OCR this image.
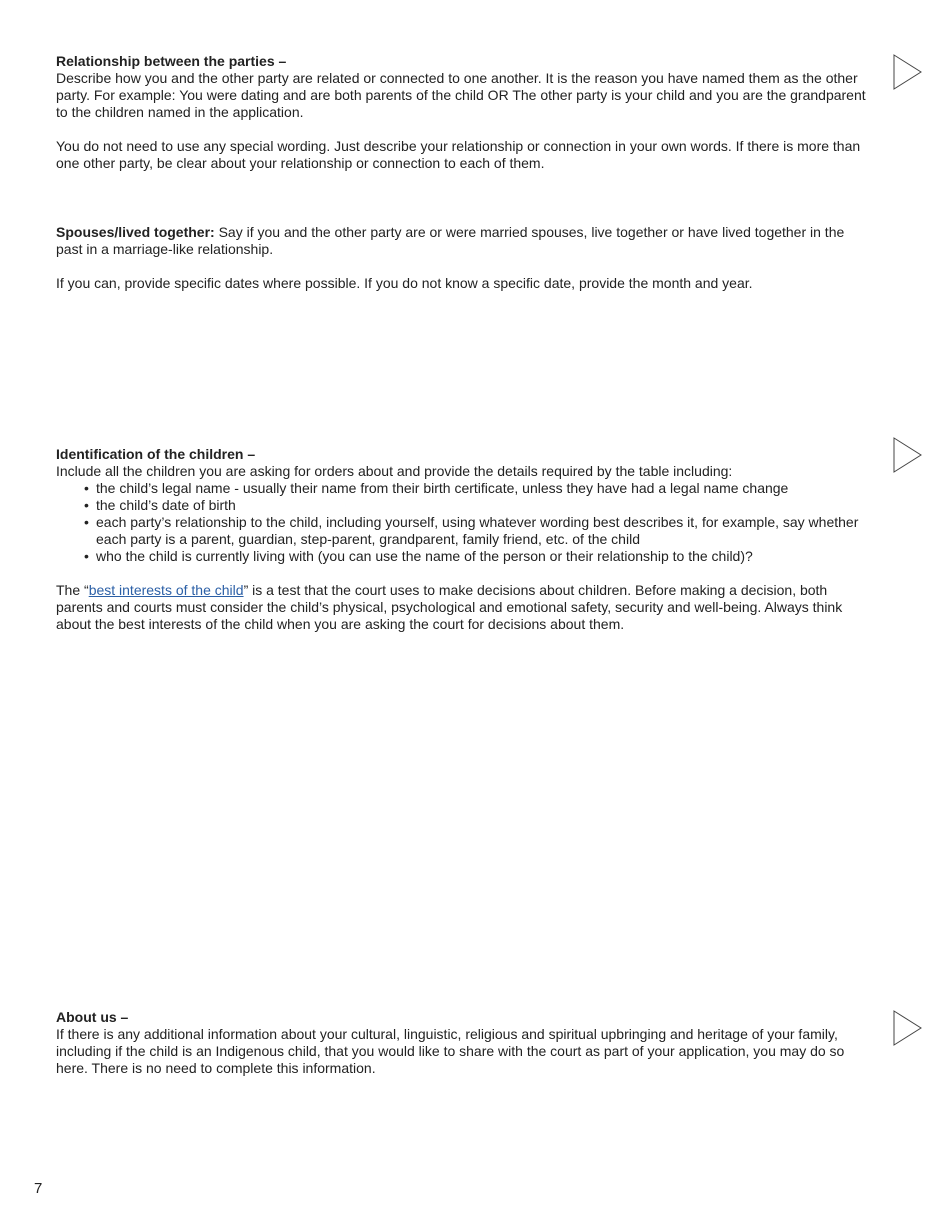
Relationship between the parties –

Describe how you and the other party are related or connected to one another. It is the reason you have named them as the other party. For example: You were dating and are both parents of the child OR The other party is your child and you are the grandparent to the children named in the application.

You do not need to use any special wording. Just describe your relationship or connection in your own words. If there is more than one other party, be clear about your relationship or connection to each of them.

Spouses/lived together: Say if you and the other party are or were married spouses, live together or have lived together in the past in a marriage-like relationship.

If you can, provide specific dates where possible. If you do not know a specific date, provide the month and year.

Identification of the children –

Include all the children you are asking for orders about and provide the details required by the table including:

• the child’s legal name - usually their name from their birth certificate, unless they have had a legal name change
• the child’s date of birth
• each party’s relationship to the child, including yourself, using whatever wording best describes it, for example, say whether each party is a parent, guardian, step-parent, grandparent, family friend, etc. of the child
• who the child is currently living with (you can use the name of the person or their relationship to the child)?

The “best interests of the child” is a test that the court uses to make decisions about children. Before making a decision, both parents and courts must consider the child’s physical, psychological and emotional safety, security and well-being. Always think about the best interests of the child when you are asking the court for decisions about them.

About us –

If there is any additional information about your cultural, linguistic, religious and spiritual upbringing and heritage of your family, including if the child is an Indigenous child, that you would like to share with the court as part of your application, you may do so here. There is no need to complete this information.

7
